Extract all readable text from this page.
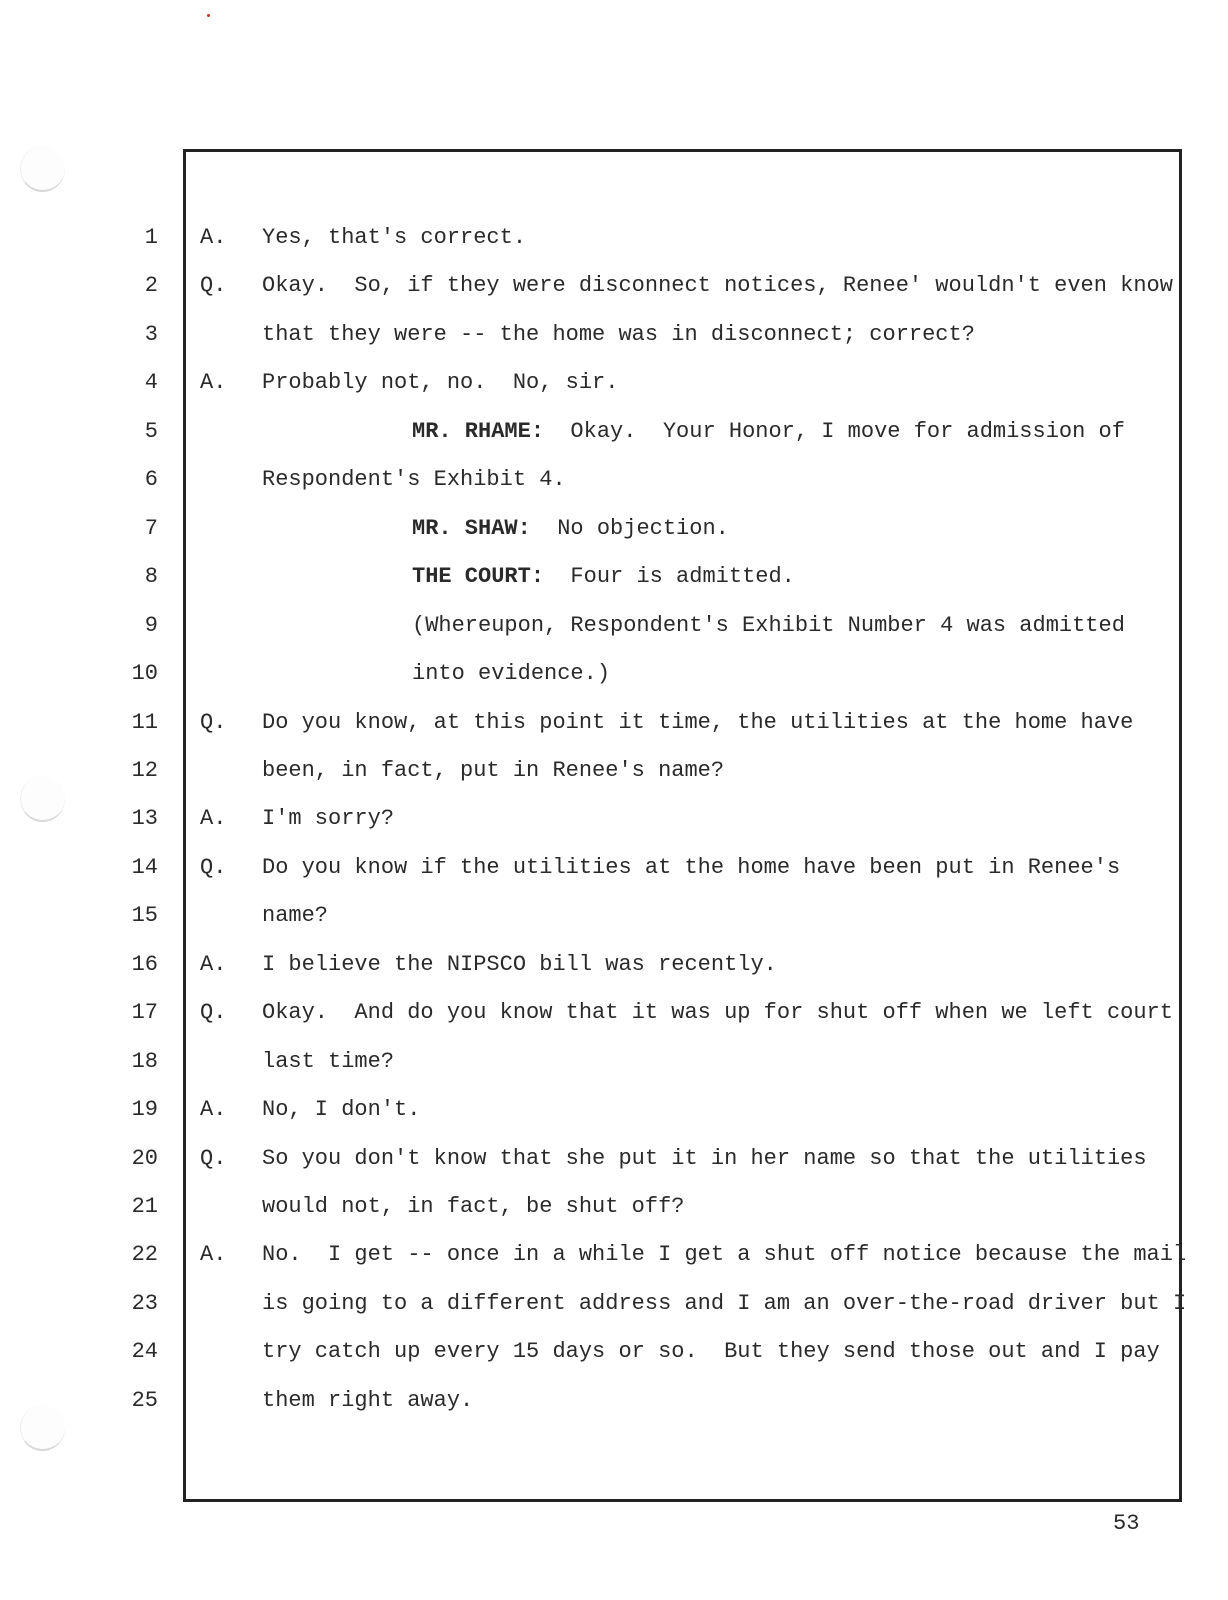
1 A. Yes, that's correct.
2 Q. Okay.  So, if they were disconnect notices, Renee' wouldn't even know
3	that they were -- the home was in disconnect; correct?
4 A. Probably not, no.  No, sir.
5	MR. RHAME:  Okay.  Your Honor, I move for admission of
6	Respondent's Exhibit 4.
7	MR. SHAW:  No objection.
8	THE COURT:  Four is admitted.
9	(Whereupon, Respondent's Exhibit Number 4 was admitted
10	into evidence.)
11 Q. Do you know, at this point it time, the utilities at the home have
12	been, in fact, put in Renee's name?
13 A. I'm sorry?
14 Q. Do you know if the utilities at the home have been put in Renee's
15	name?
16 A. I believe the NIPSCO bill was recently.
17 Q. Okay.  And do you know that it was up for shut off when we left court
18	last time?
19 A. No, I don't.
20 Q. So you don't know that she put it in her name so that the utilities
21	would not, in fact, be shut off?
22 A. No.  I get -- once in a while I get a shut off notice because the mail
23	is going to a different address and I am an over-the-road driver but I
24	try catch up every 15 days or so.  But they send those out and I pay
25	them right away.
53
